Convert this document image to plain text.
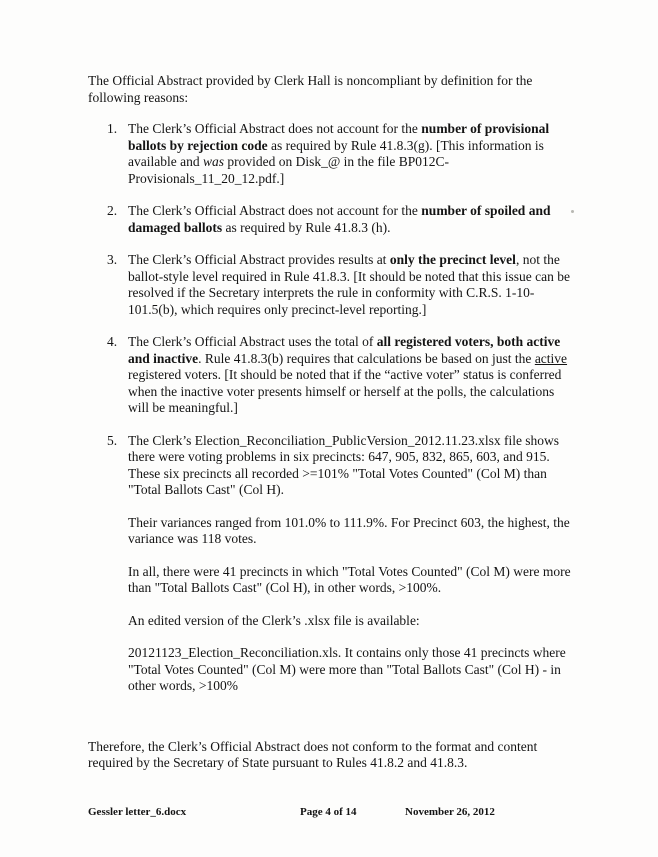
The Official Abstract provided by Clerk Hall is noncompliant by definition for the following reasons:

1. The Clerk’s Official Abstract does not account for the number of provisional ballots by rejection code as required by Rule 41.8.3(g). [This information is available and was provided on Disk_@ in the file BP012C-Provisionals_11_20_12.pdf.]

2. The Clerk’s Official Abstract does not account for the number of spoiled and damaged ballots as required by Rule 41.8.3 (h).

3. The Clerk’s Official Abstract provides results at only the precinct level, not the ballot-style level required in Rule 41.8.3. [It should be noted that this issue can be resolved if the Secretary interprets the rule in conformity with C.R.S. 1-10-101.5(b), which requires only precinct-level reporting.]

4. The Clerk’s Official Abstract uses the total of all registered voters, both active and inactive. Rule 41.8.3(b) requires that calculations be based on just the active registered voters. [It should be noted that if the “active voter” status is conferred when the inactive voter presents himself or herself at the polls, the calculations will be meaningful.]

5. The Clerk’s Election_Reconciliation_PublicVersion_2012.11.23.xlsx file shows there were voting problems in six precincts: 647, 905, 832, 865, 603, and 915. These six precincts all recorded >=101% "Total Votes Counted" (Col M) than "Total Ballots Cast" (Col H).

Their variances ranged from 101.0% to 111.9%. For Precinct 603, the highest, the variance was 118 votes.

In all, there were 41 precincts in which "Total Votes Counted" (Col M) were more than "Total Ballots Cast" (Col H), in other words, >100%.

An edited version of the Clerk’s .xlsx file is available:

20121123_Election_Reconciliation.xls. It contains only those 41 precincts where "Total Votes Counted" (Col M) were more than "Total Ballots Cast" (Col H) - in other words, >100%

Therefore, the Clerk’s Official Abstract does not conform to the format and content required by the Secretary of State pursuant to Rules 41.8.2 and 41.8.3.

Gessler letter_6.docx	Page 4 of 14	November 26, 2012
